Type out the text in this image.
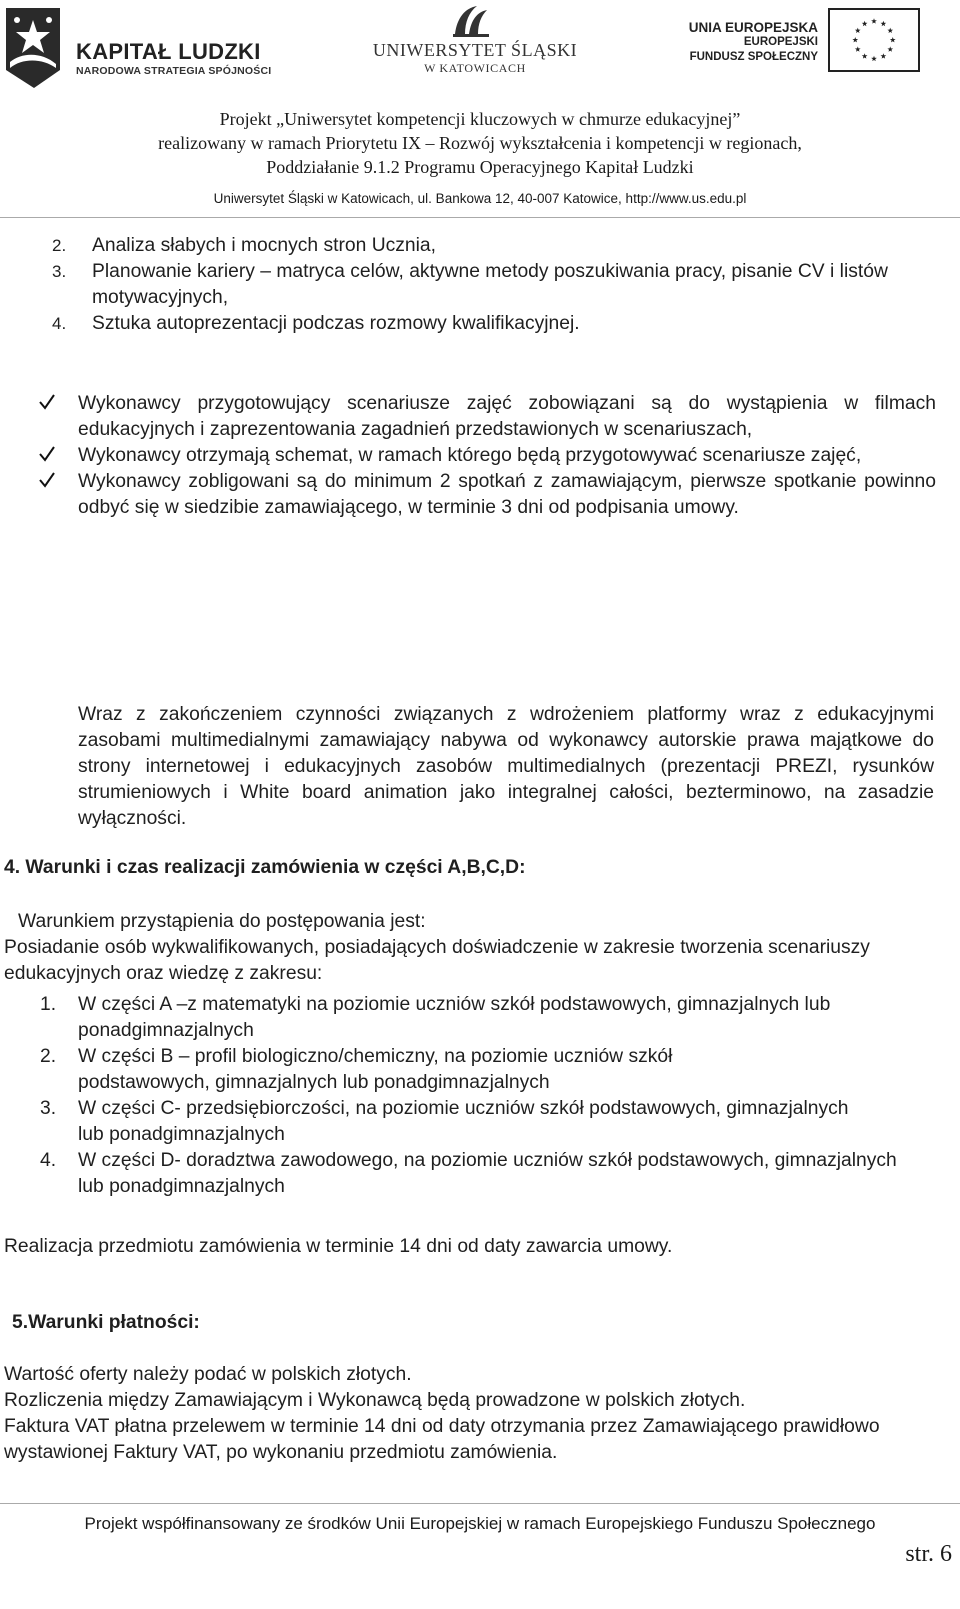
KAPITAŁ LUDZKI
NARODOWA STRATEGIA SPÓJNOŚCI
UNIWERSYTET ŚLĄSKI
W KATOWICACH
UNIA EUROPEJSKA
EUROPEJSKI
FUNDUSZ SPOŁECZNY
Projekt „Uniwersytet kompetencji kluczowych w chmurze edukacyjnej”
realizowany w ramach Priorytetu IX – Rozwój wykształcenia i kompetencji w regionach,
Poddziałanie 9.1.2 Programu Operacyjnego Kapitał Ludzki
Uniwersytet Śląski w Katowicach, ul. Bankowa 12, 40-007 Katowice, http://www.us.edu.pl
2. Analiza słabych i mocnych stron Ucznia,
3. Planowanie kariery – matryca celów, aktywne metody poszukiwania pracy, pisanie CV i listów motywacyjnych,
4. Sztuka autoprezentacji podczas rozmowy kwalifikacyjnej.
Wykonawcy przygotowujący scenariusze zajęć zobowiązani są do wystąpienia w filmach edukacyjnych i zaprezentowania zagadnień przedstawionych w scenariuszach,
Wykonawcy otrzymają schemat, w ramach którego będą przygotowywać scenariusze zajęć,
Wykonawcy zobligowani są do minimum 2 spotkań z zamawiającym, pierwsze spotkanie powinno odbyć się w siedzibie zamawiającego, w terminie 3 dni od podpisania umowy.
Wraz z zakończeniem czynności związanych z wdrożeniem platformy wraz z edukacyjnymi zasobami multimedialnymi zamawiający nabywa od wykonawcy autorskie prawa majątkowe do strony internetowej i edukacyjnych zasobów multimedialnych (prezentacji PREZI, rysunków strumieniowych i White board animation jako integralnej całości, bezterminowo, na zasadzie wyłączności.
4. Warunki i czas realizacji zamówienia w części A,B,C,D:
Warunkiem przystąpienia do postępowania jest:
Posiadanie osób wykwalifikowanych, posiadających doświadczenie w zakresie tworzenia scenariuszy edukacyjnych oraz wiedzę z zakresu:
1. W części A –z matematyki na poziomie uczniów szkół podstawowych, gimnazjalnych lub ponadgimnazjalnych
2. W części B – profil biologiczno/chemiczny, na poziomie uczniów szkół podstawowych, gimnazjalnych lub ponadgimnazjalnych
3. W części C- przedsiębiorczości, na poziomie uczniów szkół podstawowych, gimnazjalnych lub ponadgimnazjalnych
4. W części D- doradztwa zawodowego, na poziomie uczniów szkół podstawowych, gimnazjalnych lub ponadgimnazjalnych
Realizacja przedmiotu zamówienia w terminie 14 dni od daty zawarcia umowy.
5.Warunki płatności:
Wartość oferty należy podać w polskich złotych.
Rozliczenia między Zamawiającym i Wykonawcą będą prowadzone w polskich złotych.
Faktura VAT płatna przelewem w terminie 14 dni od daty otrzymania przez Zamawiającego prawidłowo wystawionej Faktury VAT, po wykonaniu przedmiotu zamówienia.
Projekt współfinansowany ze środków Unii Europejskiej w ramach Europejskiego Funduszu Społecznego
str. 6
